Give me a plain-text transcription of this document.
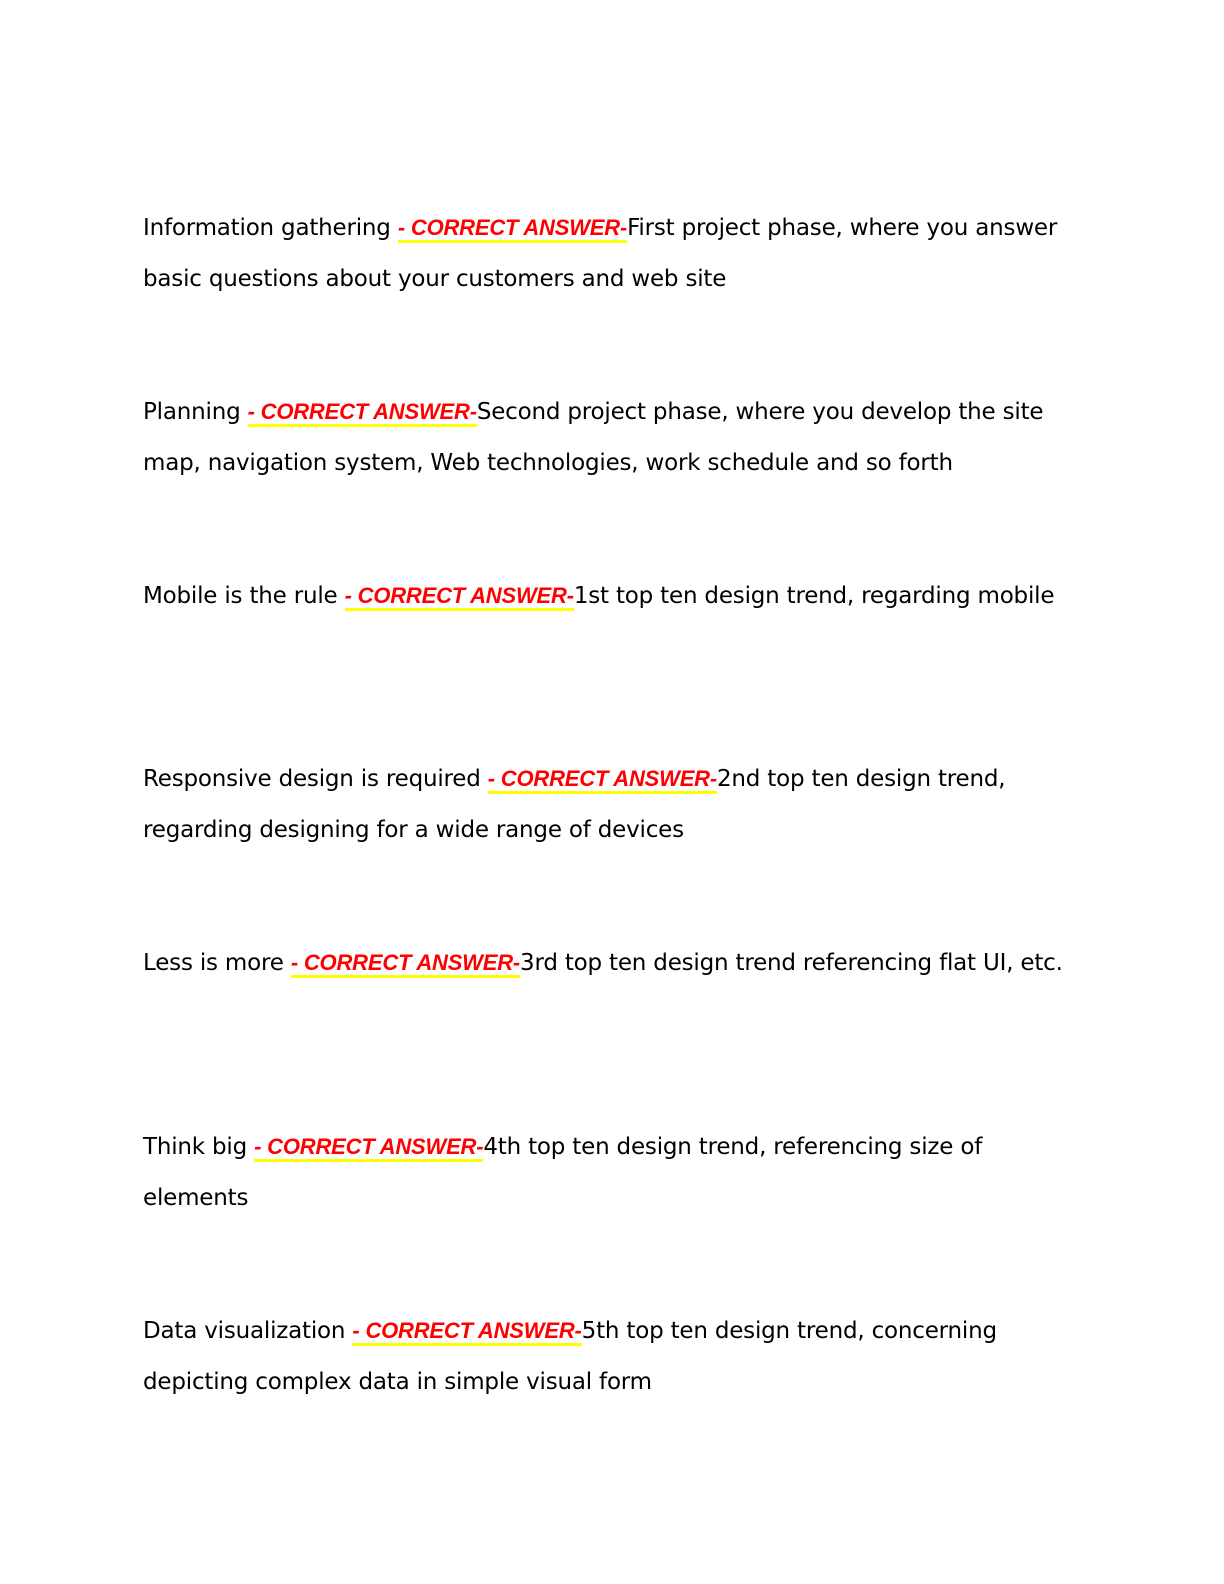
Information gathering - CORRECT ANSWER-First project phase, where you answer basic questions about your customers and web site

Planning - CORRECT ANSWER-Second project phase, where you develop the site map, navigation system, Web technologies, work schedule and so forth

Mobile is the rule - CORRECT ANSWER-1st top ten design trend, regarding mobile

Responsive design is required - CORRECT ANSWER-2nd top ten design trend, regarding designing for a wide range of devices

Less is more - CORRECT ANSWER-3rd top ten design trend referencing flat UI, etc.

Think big - CORRECT ANSWER-4th top ten design trend, referencing size of elements

Data visualization - CORRECT ANSWER-5th top ten design trend, concerning depicting complex data in simple visual form
